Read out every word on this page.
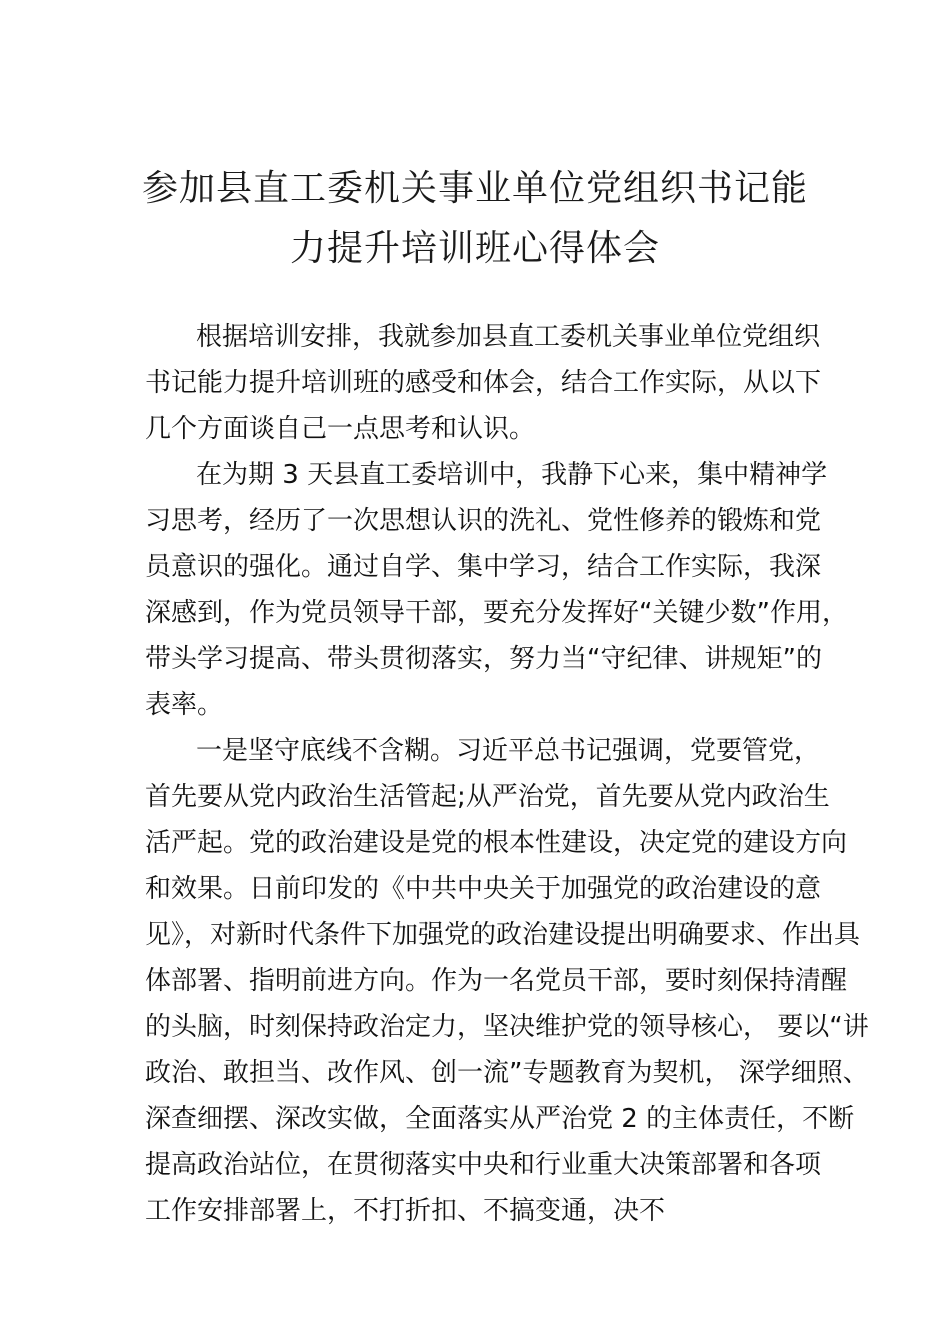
参加县直工委机关事业单位党组织书记能
力提升培训班心得体会
根据培训安排，我就参加县直工委机关事业单位党组织
书记能力提升培训班的感受和体会，结合工作实际，从以下
几个方面谈自己一点思考和认识。
在为期 3 天县直工委培训中，我静下心来，集中精神学
习思考，经历了一次思想认识的洗礼、党性修养的锻炼和党
员意识的强化。通过自学、集中学习，结合工作实际，我深
深感到，作为党员领导干部，要充分发挥好“关键少数”作用，
带头学习提高、带头贯彻落实，努力当“守纪律、讲规矩”的
表率。
一是坚守底线不含糊。习近平总书记强调，党要管党，
首先要从党内政治生活管起;从严治党，首先要从党内政治生
活严起。党的政治建设是党的根本性建设，决定党的建设方向
和效果。日前印发的《中共中央关于加强党的政治建设的意
见》，对新时代条件下加强党的政治建设提出明确要求、作出具
体部署、指明前进方向。作为一名党员干部，要时刻保持清醒
的头脑，时刻保持政治定力，坚决维护党的领导核心， 要以“讲
政治、敢担当、改作风、创一流”专题教育为契机， 深学细照、
深查细摆、深改实做，全面落实从严治党 2 的主体责任，不断
提高政治站位，在贯彻落实中央和行业重大决策部署和各项
工作安排部署上，不打折扣、不搞变通，决不
